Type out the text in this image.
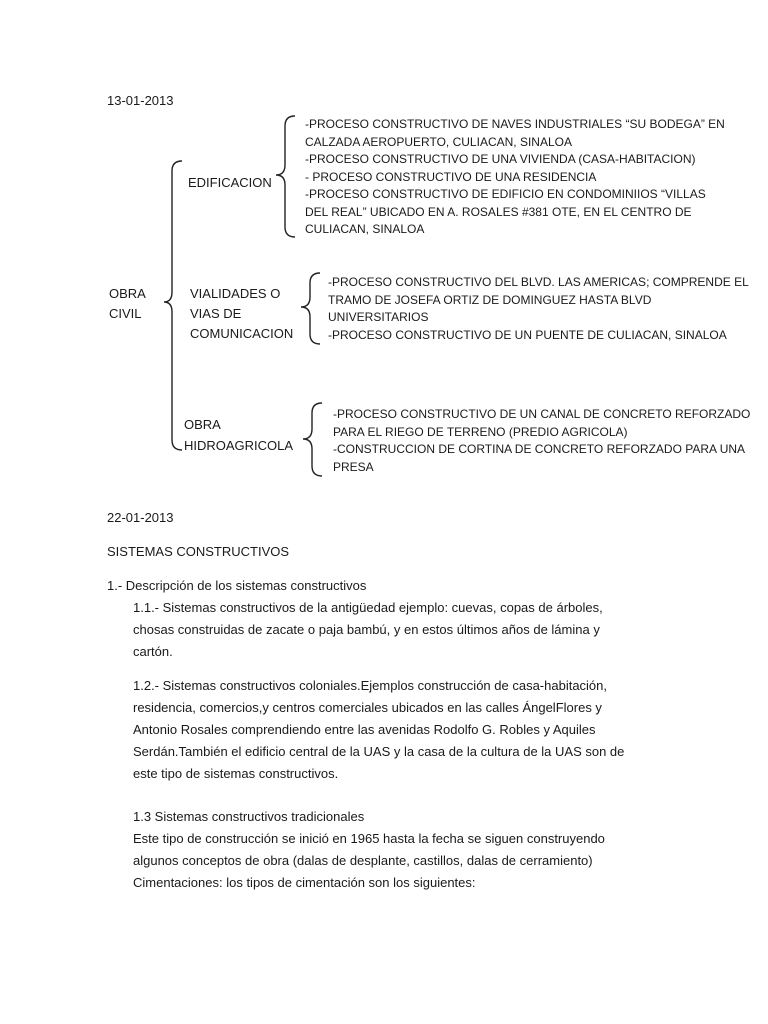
13-01-2013
OBRA
CIVIL
EDIFICACION
-PROCESO CONSTRUCTIVO DE NAVES INDUSTRIALES “SU BODEGA” EN
CALZADA AEROPUERTO, CULIACAN, SINALOA
-PROCESO CONSTRUCTIVO DE UNA VIVIENDA (CASA-HABITACION)
- PROCESO CONSTRUCTIVO DE UNA RESIDENCIA
-PROCESO CONSTRUCTIVO DE EDIFICIO EN CONDOMINIIOS “VILLAS
DEL REAL” UBICADO EN A. ROSALES #381 OTE, EN EL CENTRO DE
CULIACAN, SINALOA
VIALIDADES O
VIAS DE
COMUNICACION
-PROCESO CONSTRUCTIVO DEL BLVD. LAS AMERICAS; COMPRENDE EL
TRAMO DE JOSEFA ORTIZ DE DOMINGUEZ HASTA BLVD
UNIVERSITARIOS
-PROCESO CONSTRUCTIVO DE UN PUENTE DE CULIACAN, SINALOA
OBRA
HIDROAGRICOLA
-PROCESO CONSTRUCTIVO DE UN CANAL DE CONCRETO REFORZADO
PARA EL RIEGO DE TERRENO (PREDIO AGRICOLA)
-CONSTRUCCION DE CORTINA DE CONCRETO REFORZADO PARA UNA
PRESA
22-01-2013
SISTEMAS CONSTRUCTIVOS
1.- Descripción de los sistemas constructivos
1.1.- Sistemas constructivos de la antigüedad ejemplo: cuevas, copas de árboles,
chosas construidas de zacate o paja bambú, y en estos últimos años de lámina y
cartón.
1.2.- Sistemas constructivos coloniales.Ejemplos construcción de casa-habitación,
residencia, comercios,y centros comerciales ubicados en las calles ÁngelFlores y
Antonio Rosales comprendiendo entre las avenidas Rodolfo G. Robles y Aquiles
Serdán.También el edificio central de la UAS y la casa de la cultura de la UAS son de
este tipo de sistemas constructivos.
1.3 Sistemas constructivos tradicionales
Este tipo de construcción se inició en 1965 hasta la fecha se siguen construyendo
algunos conceptos de obra (dalas de desplante, castillos, dalas de cerramiento)
Cimentaciones: los tipos de cimentación son los siguientes:
